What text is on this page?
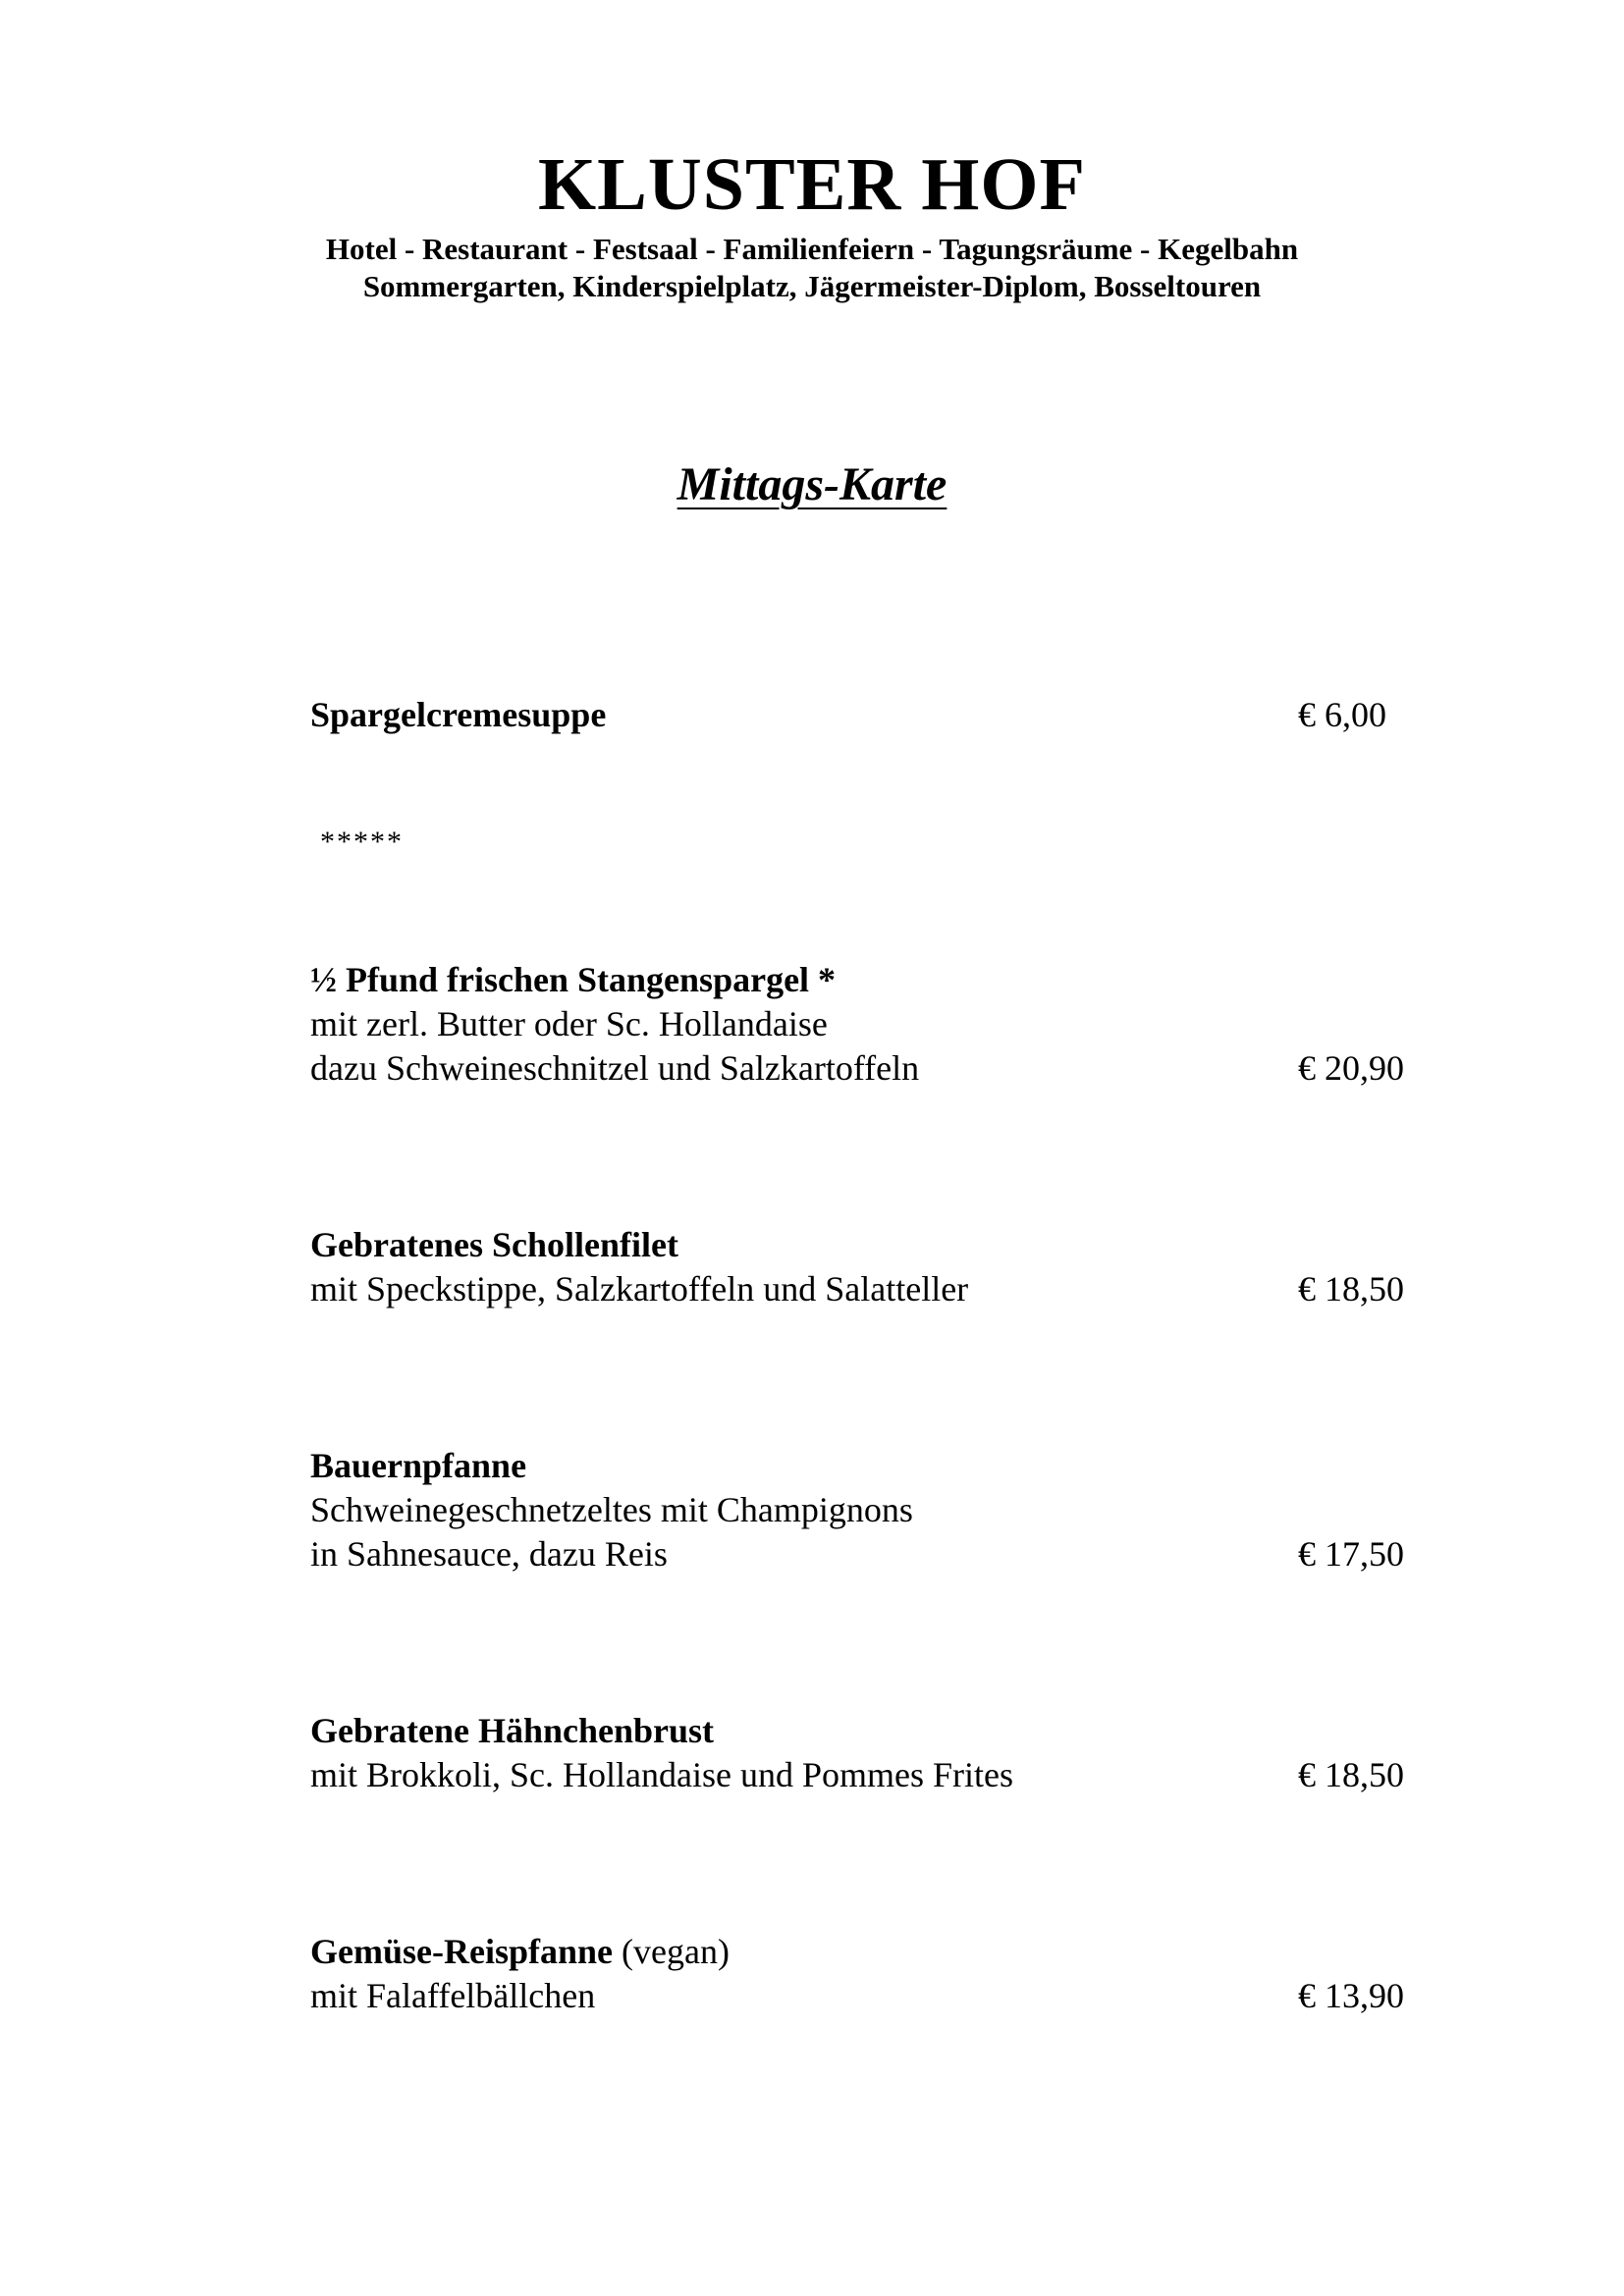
KLUSTER HOF
Hotel - Restaurant - Festsaal - Familienfeiern - Tagungsräume - Kegelbahn
Sommergarten, Kinderspielplatz, Jägermeister-Diplom, Bosseltouren
Mittags-Karte
Spargelcremesuppe	€ 6,00
*****
½ Pfund frischen Stangenspargel *
mit zerl. Butter oder Sc. Hollandaise
dazu Schweineschnitzel und Salzkartoffeln	€ 20,90
Gebratenes Schollenfilet
mit Speckstippe, Salzkartoffeln und Salatteller	€ 18,50
Bauernpfanne
Schweinegeschnetzeltes mit Champignons
in Sahnesauce, dazu Reis	€ 17,50
Gebratene Hähnchenbrust
mit Brokkoli, Sc. Hollandaise und Pommes Frites	€ 18,50
Gemüse-Reispfanne (vegan)
mit Falaffelbällchen	€ 13,90
